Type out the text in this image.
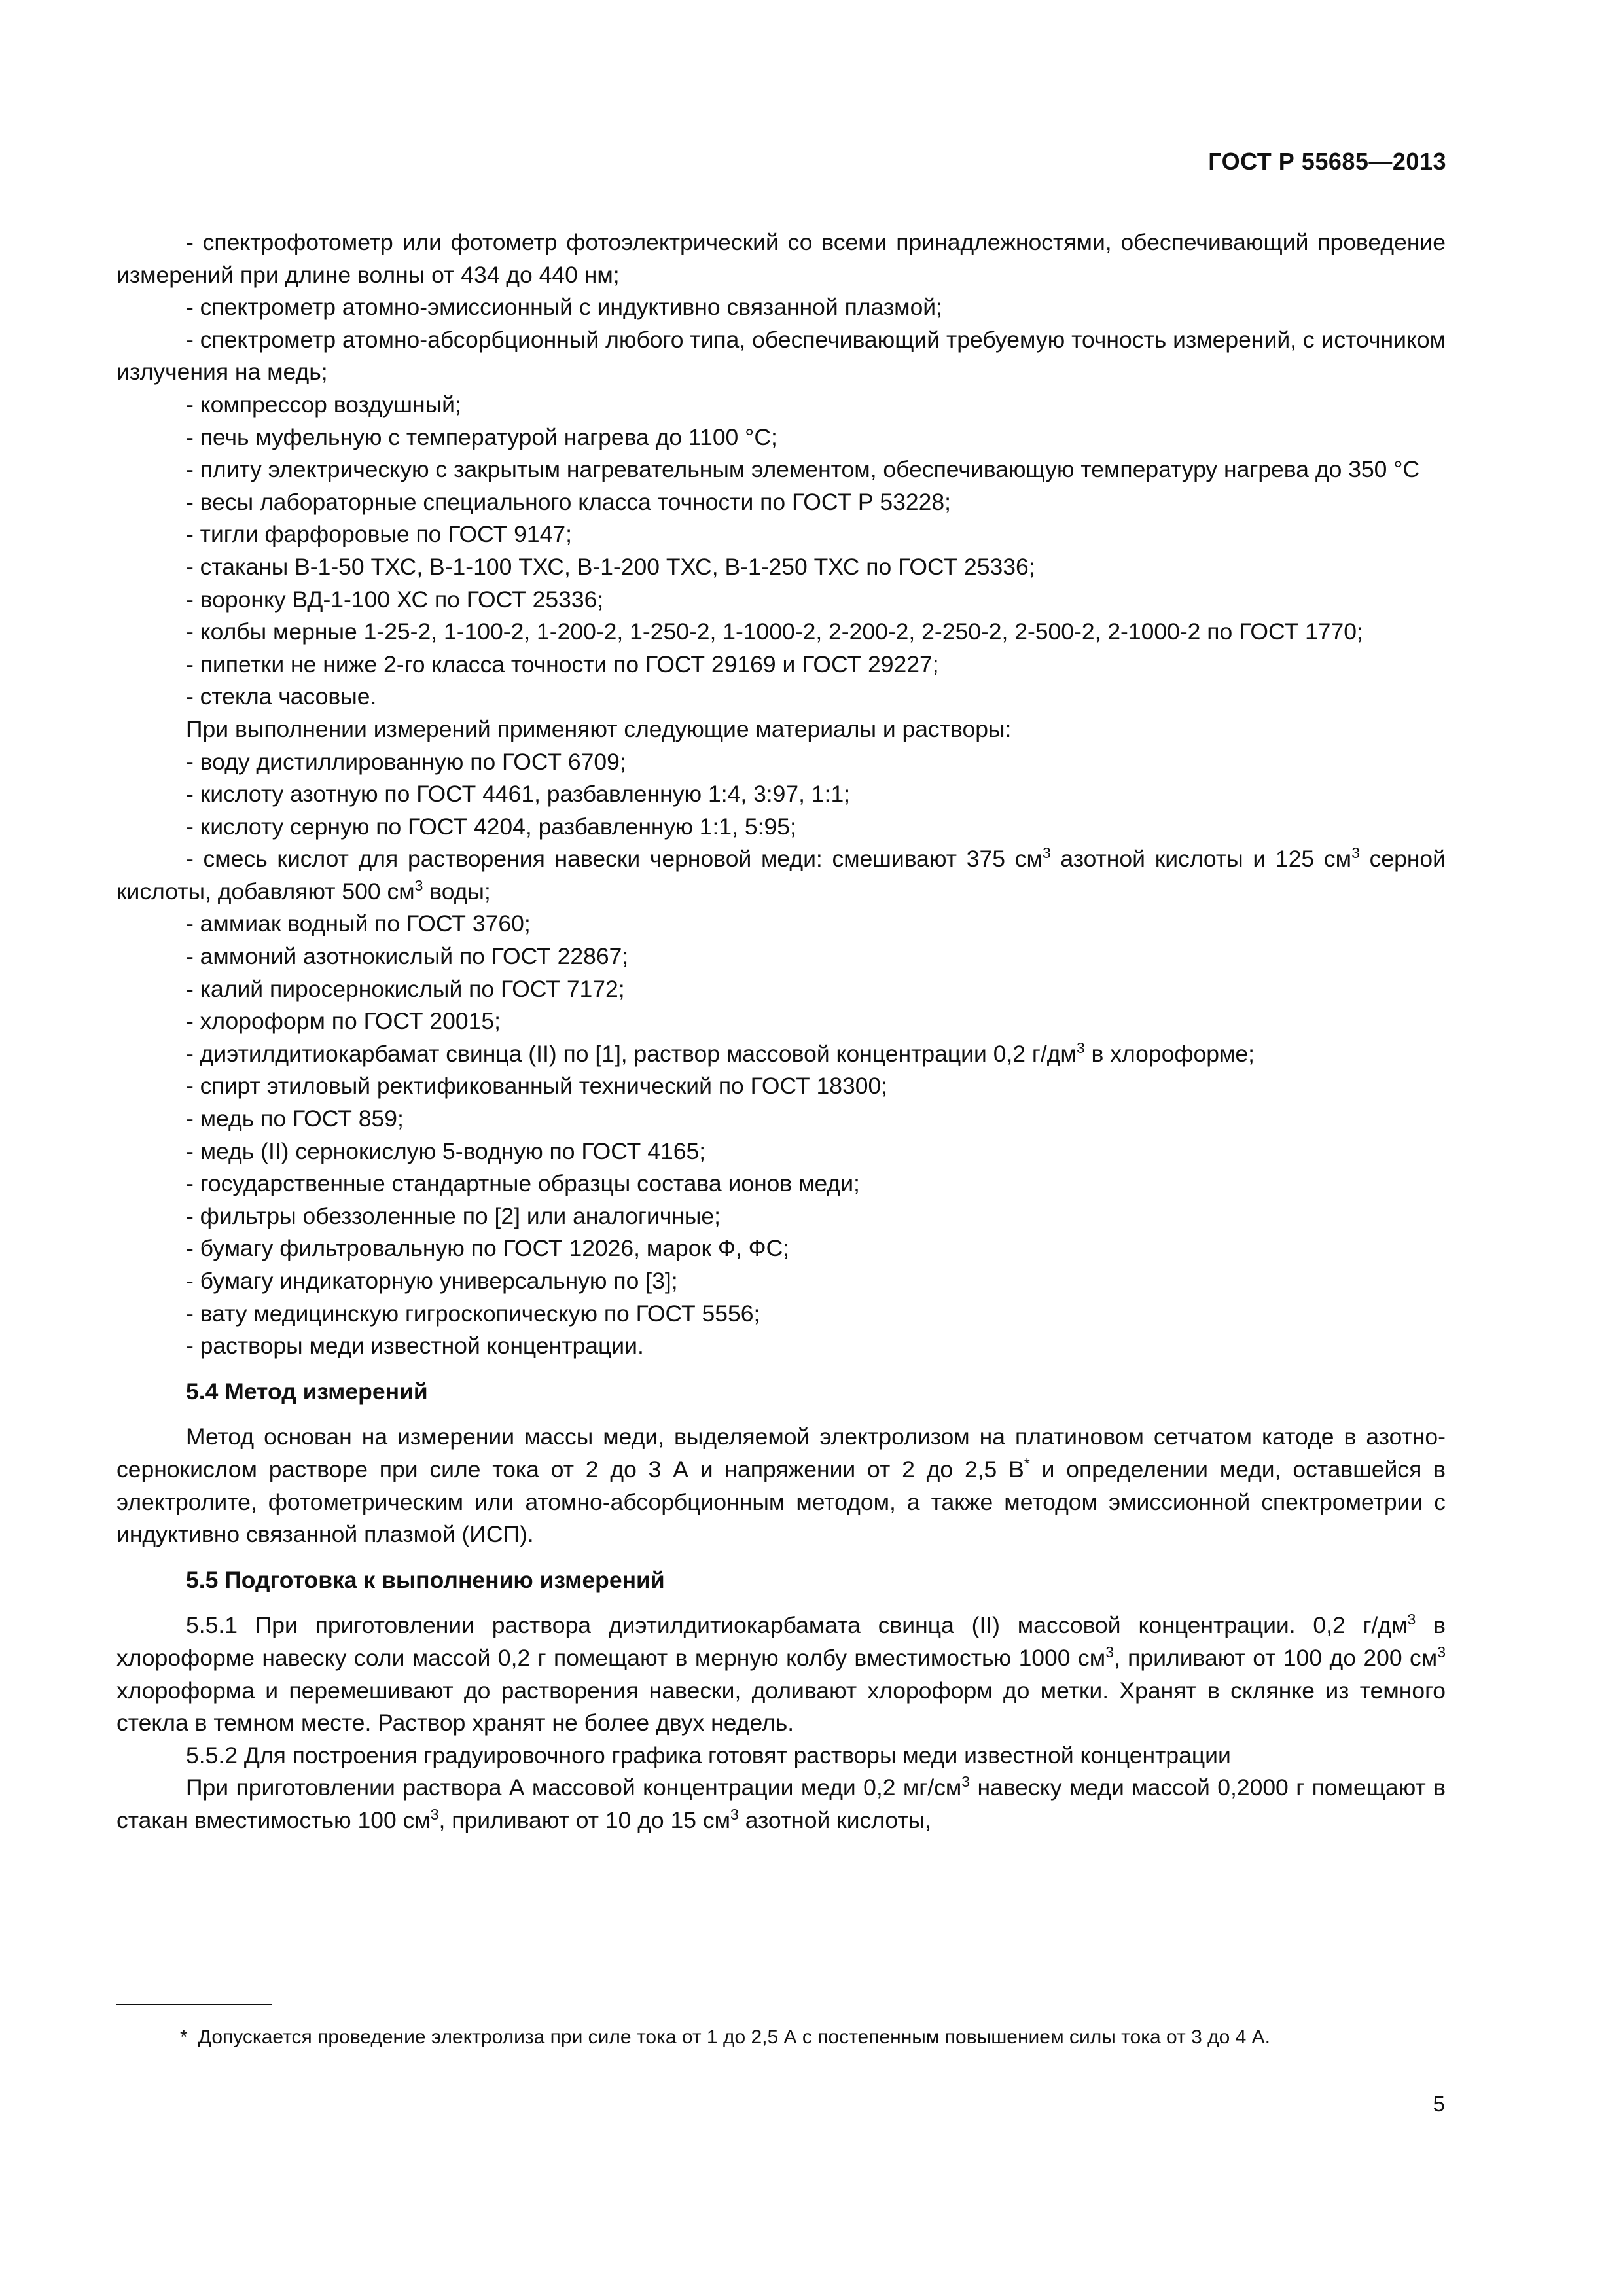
ГОСТ Р 55685—2013

- спектрофотометр или фотометр фотоэлектрический со всеми принадлежностями, обеспечивающий проведение измерений при длине волны от 434 до 440 нм;

- спектрометр атомно-эмиссионный с индуктивно связанной плазмой;

- спектрометр атомно-абсорбционный любого типа, обеспечивающий требуемую точность измерений, с источником излучения на медь;

- компрессор воздушный;

- печь муфельную с температурой нагрева до 1100 °С;

- плиту электрическую с закрытым нагревательным элементом, обеспечивающую температуру нагрева до 350 °С

- весы лабораторные специального класса точности по ГОСТ Р 53228;

- тигли фарфоровые по ГОСТ 9147;

- стаканы В-1-50 ТХС, В-1-100 ТХС, В-1-200 ТХС, В-1-250 ТХС по ГОСТ 25336;

- воронку ВД-1-100 ХС по ГОСТ 25336;

- колбы мерные 1-25-2, 1-100-2, 1-200-2, 1-250-2, 1-1000-2, 2-200-2, 2-250-2, 2-500-2, 2-1000-2 по ГОСТ 1770;

- пипетки не ниже 2-го класса точности по ГОСТ 29169 и ГОСТ 29227;

- стекла часовые.

При выполнении измерений применяют следующие материалы и растворы:

- воду дистиллированную по ГОСТ 6709;

- кислоту азотную по ГОСТ 4461, разбавленную 1:4, 3:97, 1:1;

- кислоту серную по ГОСТ 4204, разбавленную 1:1, 5:95;

- смесь кислот для растворения навески черновой меди: смешивают 375 $см^3$ азотной кислоты и 125 $см^3$ серной кислоты, добавляют 500 $см^3$ воды;

- аммиак водный по ГОСТ 3760;

- аммоний азотнокислый по ГОСТ 22867;

- калий пиросернокислый по ГОСТ 7172;

- хлороформ по ГОСТ 20015;

- диэтилдитиокарбамат свинца (II) по [1], раствор массовой концентрации 0,2 $г/дм^3$ в хлороформе;

- спирт этиловый ректификованный технический по ГОСТ 18300;

- медь по ГОСТ 859;

- медь (II) сернокислую 5-водную по ГОСТ 4165;

- государственные стандартные образцы состава ионов меди;

- фильтры обеззоленные по [2] или аналогичные;

- бумагу фильтровальную по ГОСТ 12026, марок Ф, ФС;

- бумагу индикаторную универсальную по [3];

- вату медицинскую гигроскопическую по ГОСТ 5556;

- растворы меди известной концентрации.

5.4 Метод измерений

Метод основан на измерении массы меди, выделяемой электролизом на платиновом сетчатом катоде в азотно-сернокислом растворе при силе тока от 2 до 3 А и напряжении от 2 до 2,5 В* и определении меди, оставшейся в электролите, фотометрическим или атомно-абсорбционным методом, а также методом эмиссионной спектрометрии с индуктивно связанной плазмой (ИСП).

5.5 Подготовка к выполнению измерений

5.5.1 При приготовлении раствора диэтилдитиокарбамата свинца (II) массовой концентрации. 0,2 $г/дм^3$ в хлороформе навеску соли массой 0,2 г помещают в мерную колбу вместимостью 1000 $см^3$, приливают от 100 до 200 $см^3$ хлороформа и перемешивают до растворения навески, доливают хлороформ до метки. Хранят в склянке из темного стекла в темном месте. Раствор хранят не более двух недель.

5.5.2 Для построения градуировочного графика готовят растворы меди известной концентрации

При приготовлении раствора А массовой концентрации меди 0,2 $мг/см^3$ навеску меди массой 0,2000 г помещают в стакан вместимостью 100 $см^3$, приливают от 10 до 15 $см^3$ азотной кислоты,

* Допускается проведение электролиза при силе тока от 1 до 2,5 А с постепенным повышением силы тока от 3 до 4 А.
5
